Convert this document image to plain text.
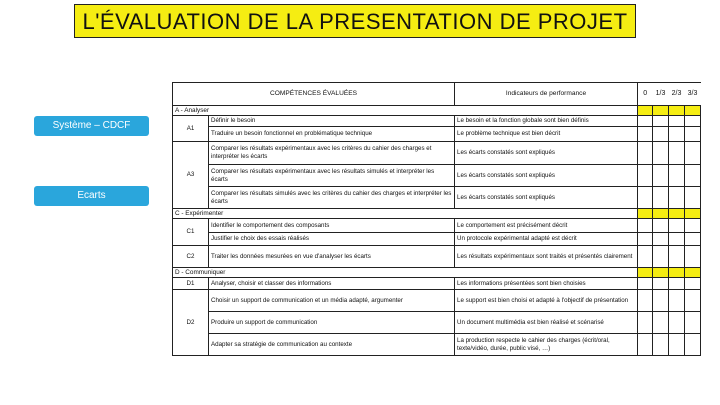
L'ÉVALUATION DE LA PRESENTATION DE PROJET
Système – CDCF
Ecarts
COMPÉTENCES ÉVALUÉES		Indicateurs de performance	0	1/3	2/3	3/3
A - Analyser						
A1	Définir le besoin	Le besoin et la fonction globale sont bien définis				
	Traduire un besoin fonctionnel en problématique technique	Le problème technique est bien décrit				
A3	Comparer les résultats expérimentaux avec les critères du cahier des charges et interpréter les écarts	Les écarts constatés sont expliqués				
	Comparer les résultats expérimentaux avec les résultats simulés et interpréter les écarts	Les écarts constatés sont expliqués				
	Comparer les résultats simulés avec les critères du cahier des charges et interpréter les écarts	Les écarts constatés sont expliqués				
C - Expérimenter						
C1	Identifier le comportement des composants	Le comportement est précisément décrit				
	Justifier le choix des essais réalisés	Un protocole expérimental adapté est décrit				
C2	Traiter les données mesurées en vue d'analyser les écarts	Les résultats expérimentaux sont traités et présentés clairement				
D - Communiquer						
D1	Analyser, choisir et classer des informations	Les informations présentées sont bien choisies				
D2	Choisir un support de communication et un média adapté, argumenter	Le support est bien choisi et adapté à l'objectif de présentation				
	Produire un support de communication	Un document multimédia est bien réalisé et scénarisé				
	Adapter sa stratégie de communication au contexte	La production respecte le cahier des charges (écrit/oral, texte/vidéo, durée, public visé, …)				
